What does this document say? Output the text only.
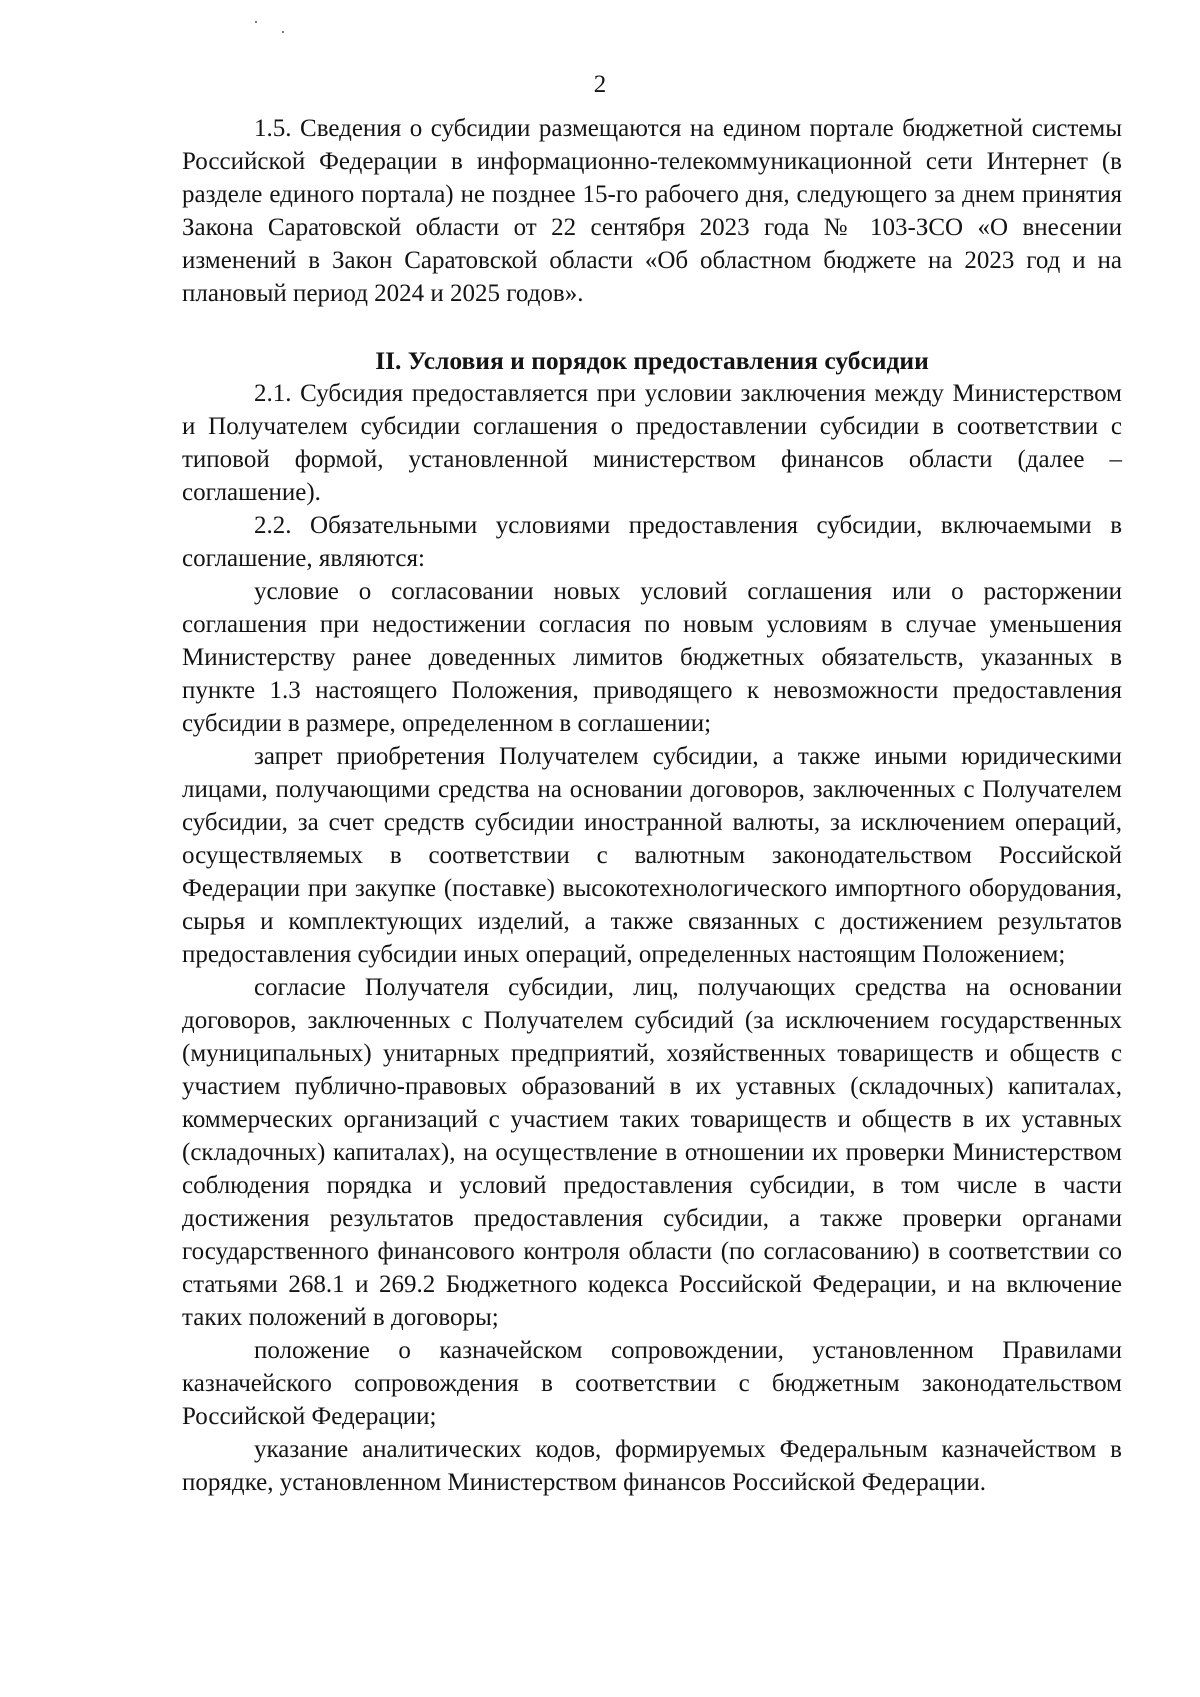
2

1.5. Сведения о субсидии размещаются на едином портале бюджетной системы Российской Федерации в информационно-телекоммуникационной сети Интернет (в разделе единого портала) не позднее 15-го рабочего дня, следующего за днем принятия Закона Саратовской области от 22 сентября 2023 года № 103-ЗСО «О внесении изменений в Закон Саратовской области «Об областном бюджете на 2023 год и на плановый период 2024 и 2025 годов».

II. Условия и порядок предоставления субсидии

2.1. Субсидия предоставляется при условии заключения между Министерством и Получателем субсидии соглашения о предоставлении субсидии в соответствии с типовой формой, установленной министерством финансов области (далее – соглашение).

2.2. Обязательными условиями предоставления субсидии, включаемыми в соглашение, являются:

условие о согласовании новых условий соглашения или о расторжении соглашения при недостижении согласия по новым условиям в случае уменьшения Министерству ранее доведенных лимитов бюджетных обязательств, указанных в пункте 1.3 настоящего Положения, приводящего к невозможности предоставления субсидии в размере, определенном в соглашении;

запрет приобретения Получателем субсидии, а также иными юридическими лицами, получающими средства на основании договоров, заключенных с Получателем субсидии, за счет средств субсидии иностранной валюты, за исключением операций, осуществляемых в соответствии с валютным законодательством Российской Федерации при закупке (поставке) высокотехнологического импортного оборудования, сырья и комплектующих изделий, а также связанных с достижением результатов предоставления субсидии иных операций, определенных настоящим Положением;

согласие Получателя субсидии, лиц, получающих средства на основании договоров, заключенных с Получателем субсидий (за исключением государственных (муниципальных) унитарных предприятий, хозяйственных товариществ и обществ с участием публично-правовых образований в их уставных (складочных) капиталах, коммерческих организаций с участием таких товариществ и обществ в их уставных (складочных) капиталах), на осуществление в отношении их проверки Министерством соблюдения порядка и условий предоставления субсидии, в том числе в части достижения результатов предоставления субсидии, а также проверки органами государственного финансового контроля области (по согласованию) в соответствии со статьями 268.1 и 269.2 Бюджетного кодекса Российской Федерации, и на включение таких положений в договоры;

положение о казначейском сопровождении, установленном Правилами казначейского сопровождения в соответствии с бюджетным законодательством Российской Федерации;

указание аналитических кодов, формируемых Федеральным казначейством в порядке, установленном Министерством финансов Российской Федерации.
